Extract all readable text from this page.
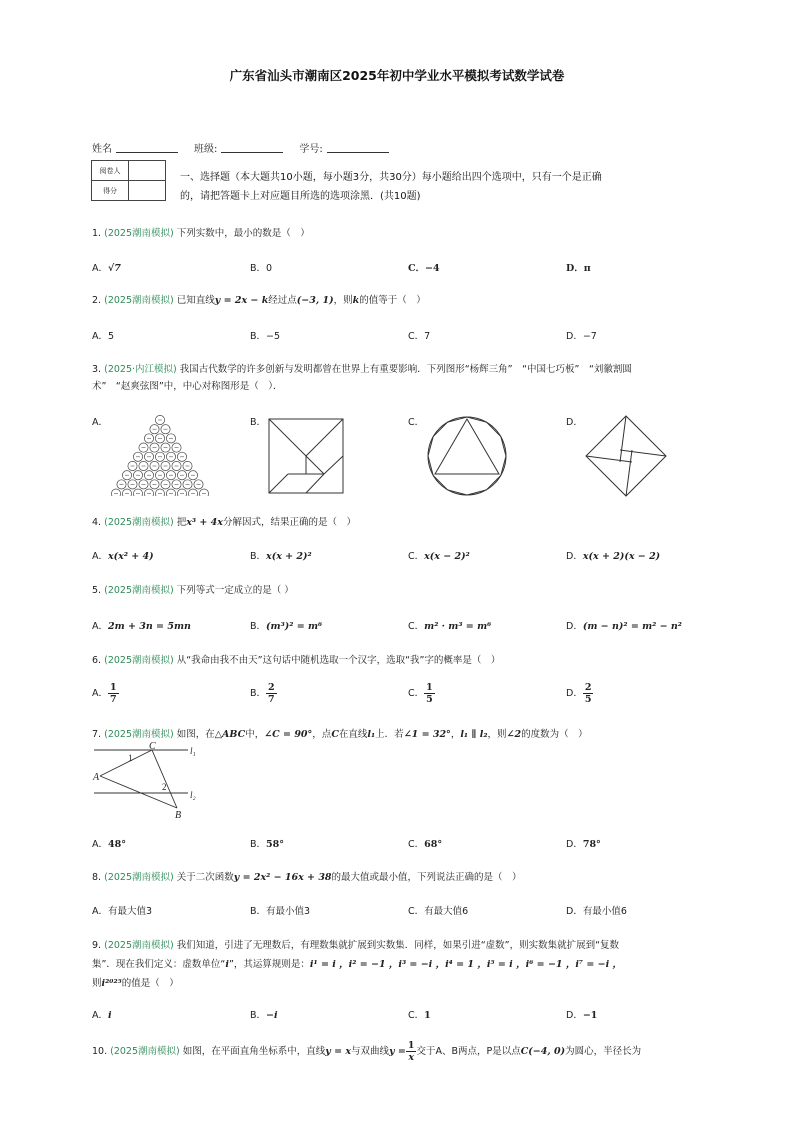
广东省汕头市潮南区2025年初中学业水平模拟考试数学试卷
姓名	班级:	学号:
阅卷人	
得分	
一、选择题（本大题共10小题，每小题3分，共30分）每小题给出四个选项中，只有一个是正确
的，请把答题卡上对应题目所选的选项涂黑．(共10题)
1. (2025潮南模拟) 下列实数中，最小的数是（　）
A．√7	B．0	C．−4	D．π
2. (2025潮南模拟) 已知直线y = 2x − k经过点(−3, 1)，则k的值等于（　）
A．5	B．−5	C．7	D．−7
3. (2025·内江模拟) 我国古代数学的许多创新与发明都曾在世界上有重要影响．下列图形“杨辉三角”　“中国七巧板”　“刘徽割圆
术”　“赵爽弦图”中，中心对称图形是（　）．
A．	B．	C．	D．
4. (2025潮南模拟) 把x³ + 4x分解因式，结果正确的是（　）
A．x(x² + 4)	B．x(x + 2)²	C．x(x − 2)²	D．x(x + 2)(x − 2)
5. (2025潮南模拟) 下列等式一定成立的是（ ）
A．2m + 3n = 5mn	B．(m³)² = m⁶	C．m² · m³ = m⁶	D．(m − n)² = m² − n²
6. (2025潮南模拟) 从“我命由我不由天”这句话中随机选取一个汉字，选取“我”字的概率是（　）
A． $\frac{1}{7}$	B． $\frac{2}{7}$	C． $\frac{1}{5}$	D． $\frac{2}{5}$
7. (2025潮南模拟) 如图，在△ABC中，∠C = 90°，点C在直线l₁上．若∠1 = 32°，l₁ ∥ l₂，则∠2的度数为（　）
C
A
B
1
2
l₁
l₂
A．48°	B．58°	C．68°	D．78°
8. (2025潮南模拟) 关于二次函数y = 2x² − 16x + 38的最大值或最小值，下列说法正确的是（　）
A．有最大值3	B．有最小值3	C．有最大值6	D．有最小值6
9. (2025潮南模拟) 我们知道，引进了无理数后，有理数集就扩展到实数集．同样，如果引进“虚数”，则实数集就扩展到“复数
集”．现在我们定义：虚数单位“i”，其运算规则是：i¹ = i ，i² = −1 ，i³ = −i ，i⁴ = 1 ，i⁵ = i ，i⁶ = −1 ，i⁷ = −i ，
则i²⁰²⁵的值是（　）
A．i	B．−i	C．1	D．−1
10. (2025潮南模拟) 如图，在平面直角坐标系中，直线y = x与双曲线$y = \frac{1}{x}$ 交于A、B两点，P是以点C(−4, 0)为圆心，半径长为
